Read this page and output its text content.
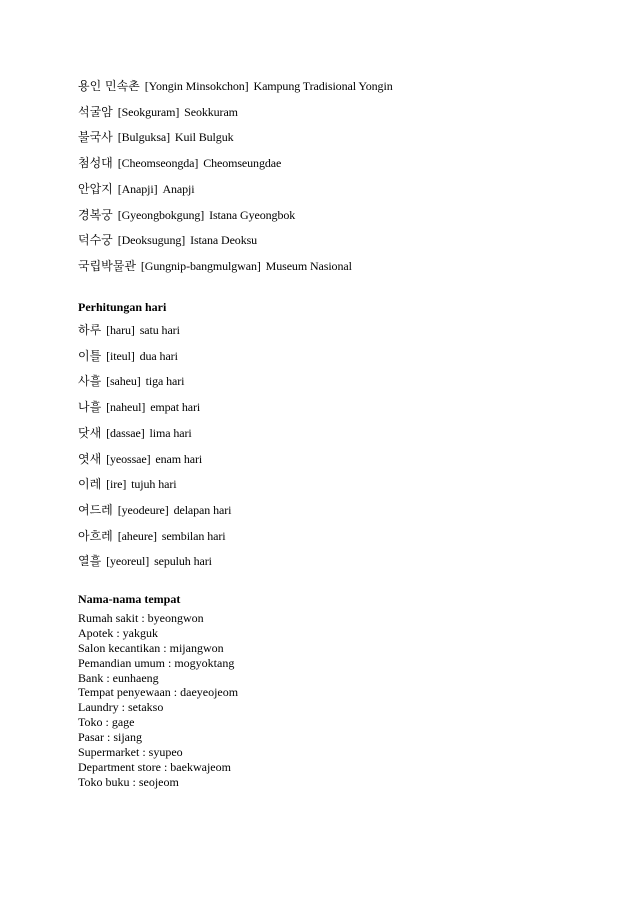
용인 민속촌 [Yongin Minsokchon] Kampung Tradisional Yongin
석굴암 [Seokguram] Seokkuram
불국사 [Bulguksa] Kuil Bulguk
첨성대 [Cheomseongda] Cheomseungdae
안압지 [Anapji] Anapji
경복궁 [Gyeongbokgung] Istana Gyeongbok
덕수궁 [Deoksugung] Istana Deoksu
국립박물관 [Gungnip-bangmulgwan] Museum Nasional
Perhitungan hari
하루 [haru] satu hari
이틀 [iteul] dua hari
사흘 [saheu] tiga hari
나흘 [naheul] empat hari
닷새 [dassae] lima hari
엿새 [yeossae] enam hari
이레 [ire] tujuh hari
여드레 [yeodeure] delapan hari
아흐레 [aheure] sembilan hari
열흘 [yeoreul] sepuluh hari
Nama-nama tempat
Rumah sakit : byeongwon
Apotek : yakguk
Salon kecantikan : mijangwon
Pemandian umum : mogyoktang
Bank : eunhaeng
Tempat penyewaan : daeyeojeom
Laundry : setakso
Toko : gage
Pasar : sijang
Supermarket : syupeo
Department store : baekwajeom
Toko buku : seojeom
